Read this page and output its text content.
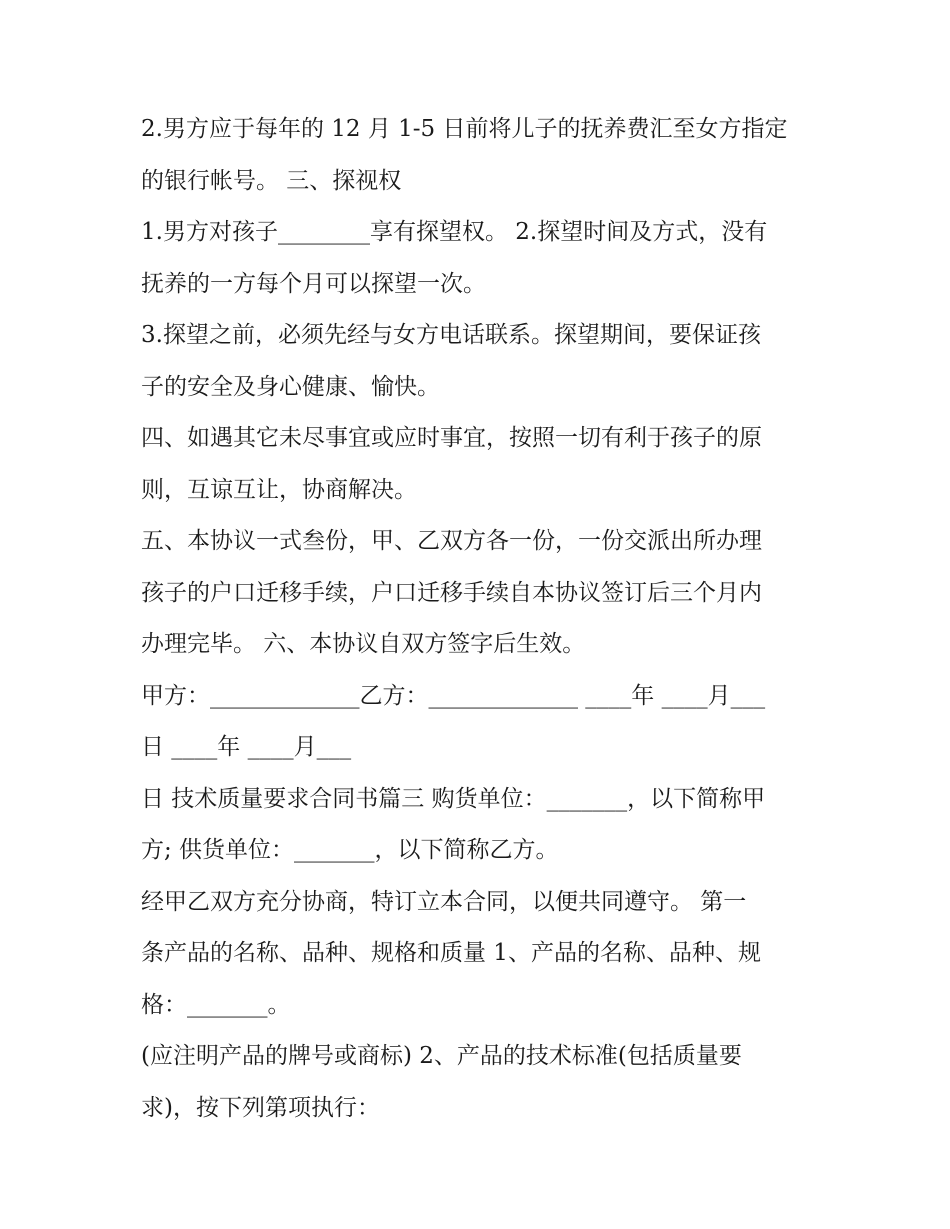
2.男方应于每年的 12 月 1-5 日前将儿子的抚养费汇至女方指定

的银行帐号。 三、探视权

1.男方对孩子________享有探望权。 2.探望时间及方式，没有

抚养的一方每个月可以探望一次。

3.探望之前，必须先经与女方电话联系。探望期间，要保证孩

子的安全及身心健康、愉快。

四、如遇其它未尽事宜或应时事宜，按照一切有利于孩子的原

则，互谅互让，协商解决。

五、本协议一式叁份，甲、乙双方各一份，一份交派出所办理

孩子的户口迁移手续，户口迁移手续自本协议签订后三个月内

办理完毕。 六、本协议自双方签字后生效。

甲方：_____________乙方：_____________ ____年 ____月___

日 ____年 ____月___

日 技术质量要求合同书篇三 购货单位：_______，以下简称甲

方; 供货单位：_______，以下简称乙方。

经甲乙双方充分协商，特订立本合同，以便共同遵守。 第一

条产品的名称、品种、规格和质量 1、产品的名称、品种、规

格：_______。

(应注明产品的牌号或商标) 2、产品的技术标准(包括质量要

求)，按下列第项执行：
